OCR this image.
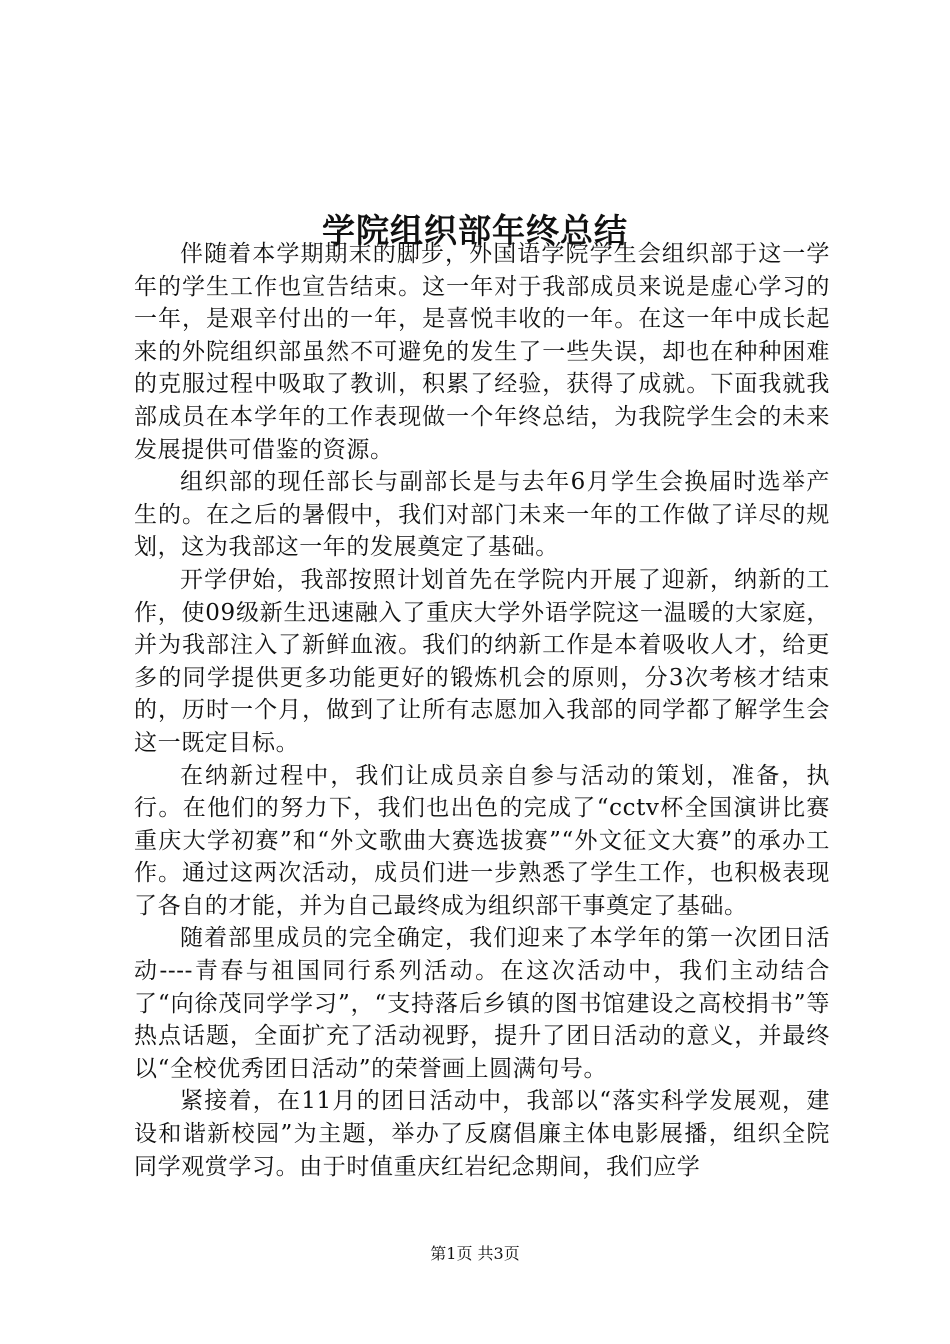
学院组织部年终总结

伴随着本学期期末的脚步，外国语学院学生会组织部于这一学年的学生工作也宣告结束。这一年对于我部成员来说是虚心学习的一年，是艰辛付出的一年，是喜悦丰收的一年。在这一年中成长起来的外院组织部虽然不可避免的发生了一些失误，却也在种种困难的克服过程中吸取了教训，积累了经验，获得了成就。下面我就我部成员在本学年的工作表现做一个年终总结，为我院学生会的未来发展提供可借鉴的资源。

组织部的现任部长与副部长是与去年6月学生会换届时选举产生的。在之后的暑假中，我们对部门未来一年的工作做了详尽的规划，这为我部这一年的发展奠定了基础。

开学伊始，我部按照计划首先在学院内开展了迎新，纳新的工作，使09级新生迅速融入了重庆大学外语学院这一温暖的大家庭，并为我部注入了新鲜血液。我们的纳新工作是本着吸收人才，给更多的同学提供更多功能更好的锻炼机会的原则，分3次考核才结束的，历时一个月，做到了让所有志愿加入我部的同学都了解学生会这一既定目标。

在纳新过程中，我们让成员亲自参与活动的策划，准备，执行。在他们的努力下，我们也出色的完成了“cctv杯全国演讲比赛重庆大学初赛”和“外文歌曲大赛选拔赛”“外文征文大赛”的承办工作。通过这两次活动，成员们进一步熟悉了学生工作，也积极表现了各自的才能，并为自己最终成为组织部干事奠定了基础。

随着部里成员的完全确定，我们迎来了本学年的第一次团日活动----青春与祖国同行系列活动。在这次活动中，我们主动结合了“向徐茂同学学习”，“支持落后乡镇的图书馆建设之高校捐书”等热点话题，全面扩充了活动视野，提升了团日活动的意义，并最终以“全校优秀团日活动”的荣誉画上圆满句号。

紧接着，在11月的团日活动中，我部以“落实科学发展观，建设和谐新校园”为主题，举办了反腐倡廉主体电影展播，组织全院同学观赏学习。由于时值重庆红岩纪念期间，我们应学

第1页 共3页
